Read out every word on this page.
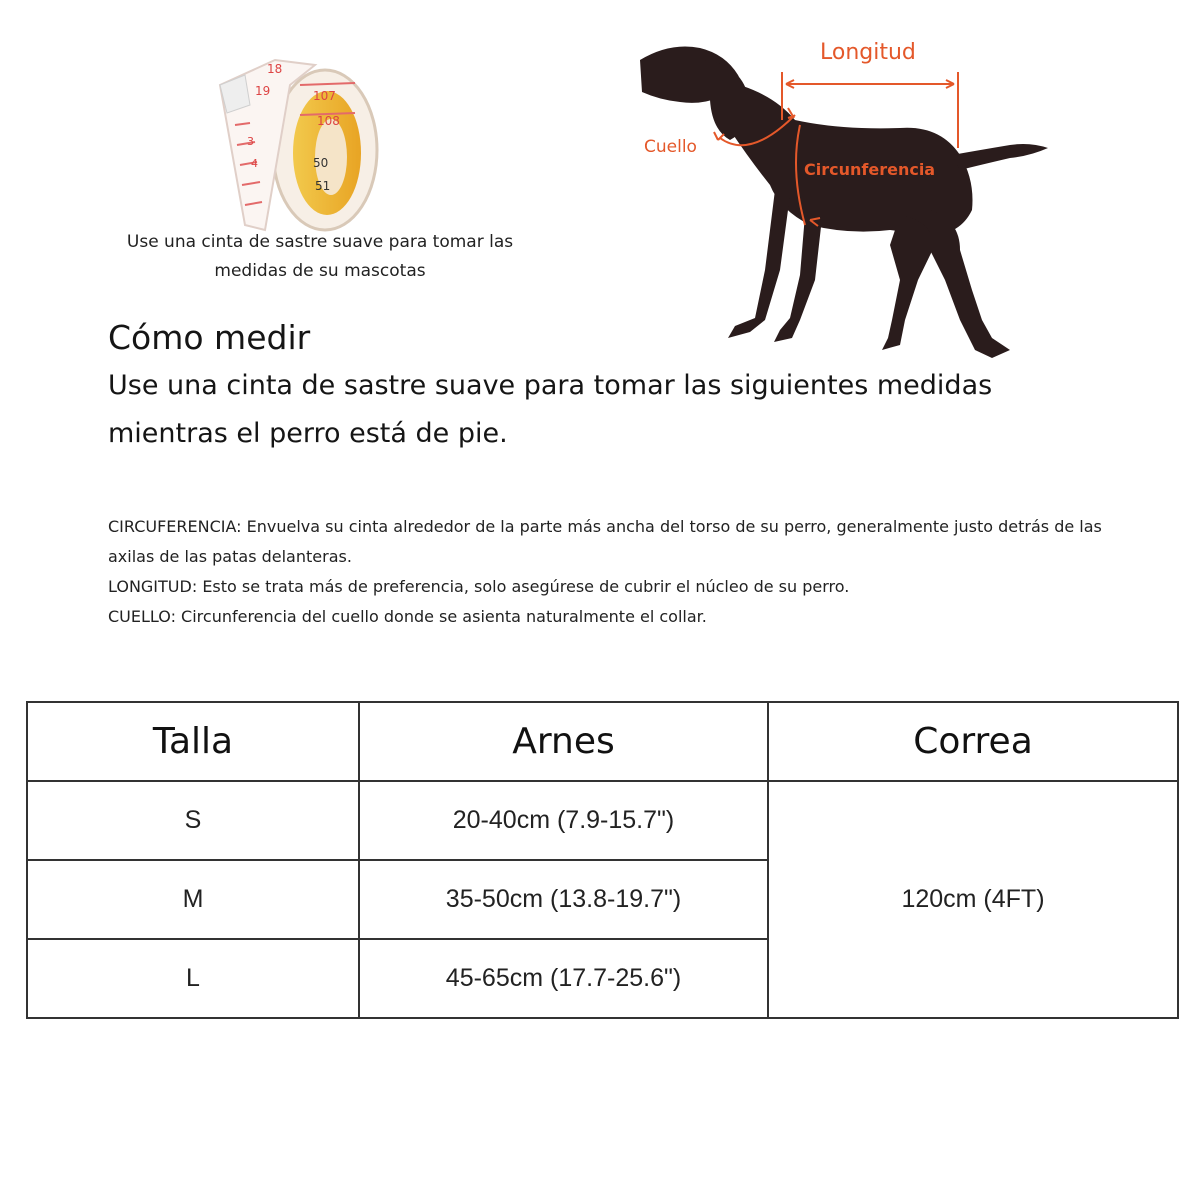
18
19	107
108
50
51
3
4
Use una cinta de sastre suave para tomar las medidas de su mascotas
Longitud
Cuello
Circunferencia
Cómo medir
Use una cinta de sastre suave para tomar las siguientes medidas mientras el perro está de pie.

CIRCUFERENCIA: Envuelva su cinta alrededor de la parte más ancha del torso de su perro, generalmente justo detrás de las axilas de las patas delanteras.

LONGITUD: Esto se trata más de preferencia, solo asegúrese de cubrir el núcleo de su perro.

CUELLO: Circunferencia del cuello donde se asienta naturalmente el collar.

Talla	Arnes	Correa
S	20-40cm (7.9-15.7")	120cm (4FT)
M	35-50cm (13.8-19.7")	
L	45-65cm (17.7-25.6")	
